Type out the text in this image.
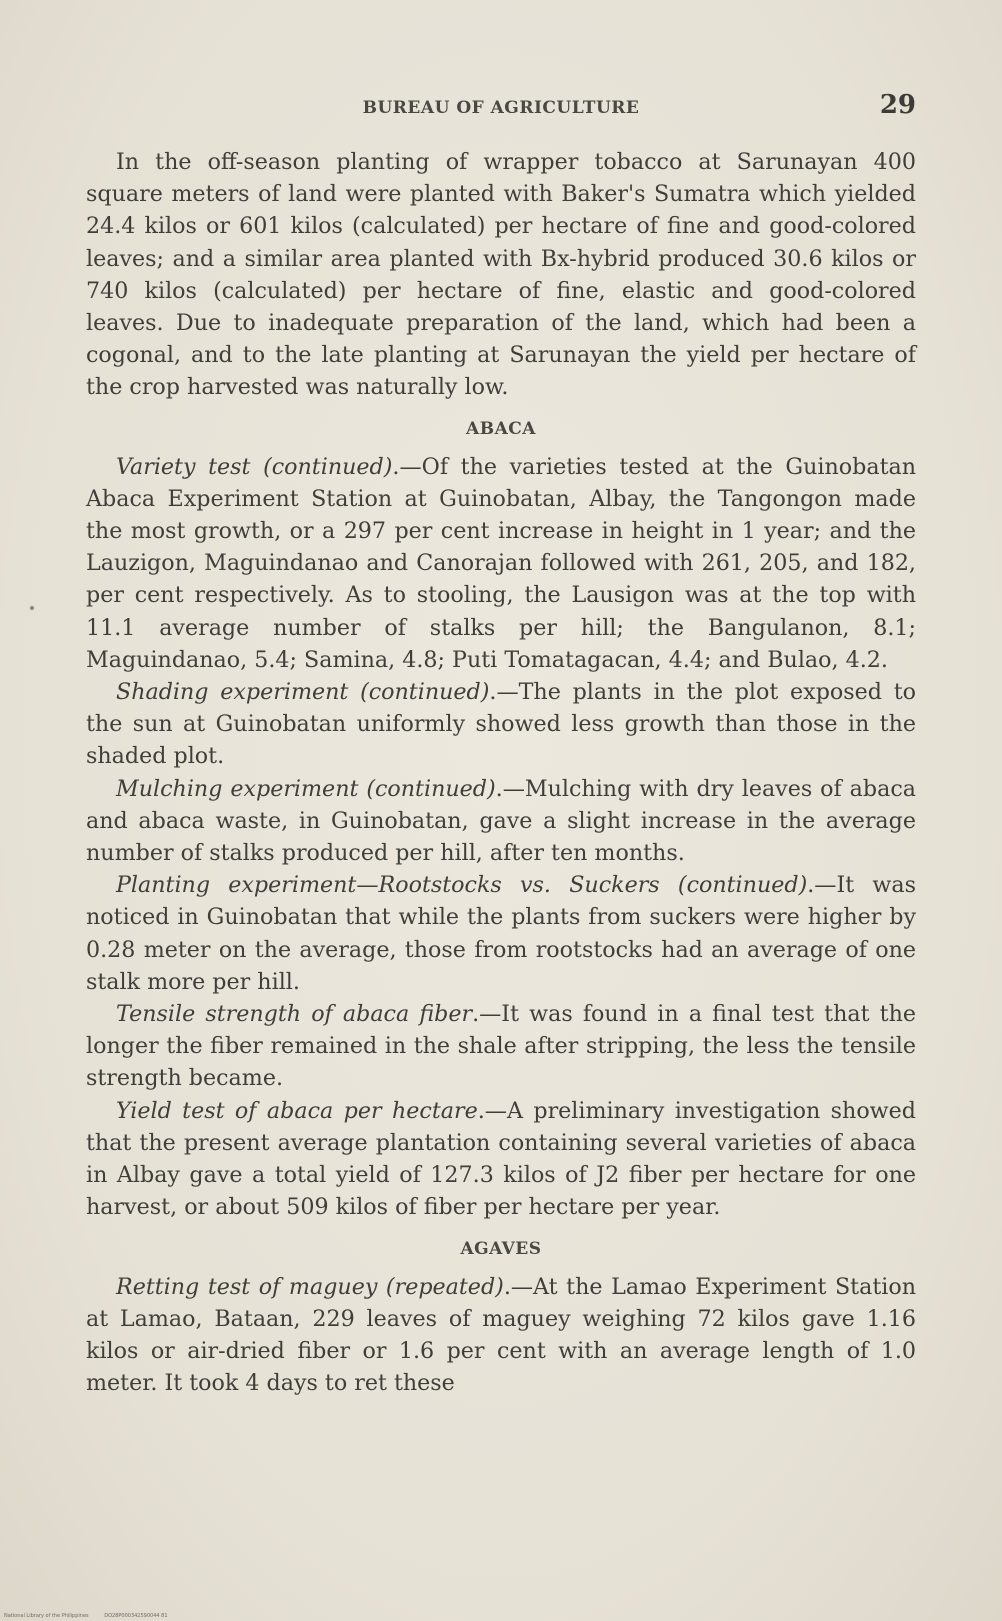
BUREAU OF AGRICULTURE	29

In the off-season planting of wrapper tobacco at Sarunayan 400 square meters of land were planted with Baker's Sumatra which yielded 24.4 kilos or 601 kilos (calculated) per hectare of fine and good-colored leaves; and a similar area planted with Bx-hybrid produced 30.6 kilos or 740 kilos (calculated) per hectare of fine, elastic and good-colored leaves. Due to inadequate preparation of the land, which had been a cogonal, and to the late planting at Sarunayan the yield per hectare of the crop harvested was naturally low.

ABACA

Variety test (continued).—Of the varieties tested at the Guinobatan Abaca Experiment Station at Guinobatan, Albay, the Tangongon made the most growth, or a 297 per cent increase in height in 1 year; and the Lauzigon, Maguindanao and Canorajan followed with 261, 205, and 182, per cent respectively. As to stooling, the Lausigon was at the top with 11.1 average number of stalks per hill; the Bangulanon, 8.1; Maguindanao, 5.4; Samina, 4.8; Puti Tomatagacan, 4.4; and Bulao, 4.2.

Shading experiment (continued).—The plants in the plot exposed to the sun at Guinobatan uniformly showed less growth than those in the shaded plot.

Mulching experiment (continued).—Mulching with dry leaves of abaca and abaca waste, in Guinobatan, gave a slight increase in the average number of stalks produced per hill, after ten months.

Planting experiment—Rootstocks vs. Suckers (continued).—It was noticed in Guinobatan that while the plants from suckers were higher by 0.28 meter on the average, those from rootstocks had an average of one stalk more per hill.

Tensile strength of abaca fiber.—It was found in a final test that the longer the fiber remained in the shale after stripping, the less the tensile strength became.

Yield test of abaca per hectare.—A preliminary investigation showed that the present average plantation containing several varieties of abaca in Albay gave a total yield of 127.3 kilos of J2 fiber per hectare for one harvest, or about 509 kilos of fiber per hectare per year.

AGAVES

Retting test of maguey (repeated).—At the Lamao Experiment Station at Lamao, Bataan, 229 leaves of maguey weighing 72 kilos gave 1.16 kilos or air-dried fiber or 1.6 per cent with an average length of 1.0 meter. It took 4 days to ret these

National Library of the Philippines	DO28P000342590044 81
